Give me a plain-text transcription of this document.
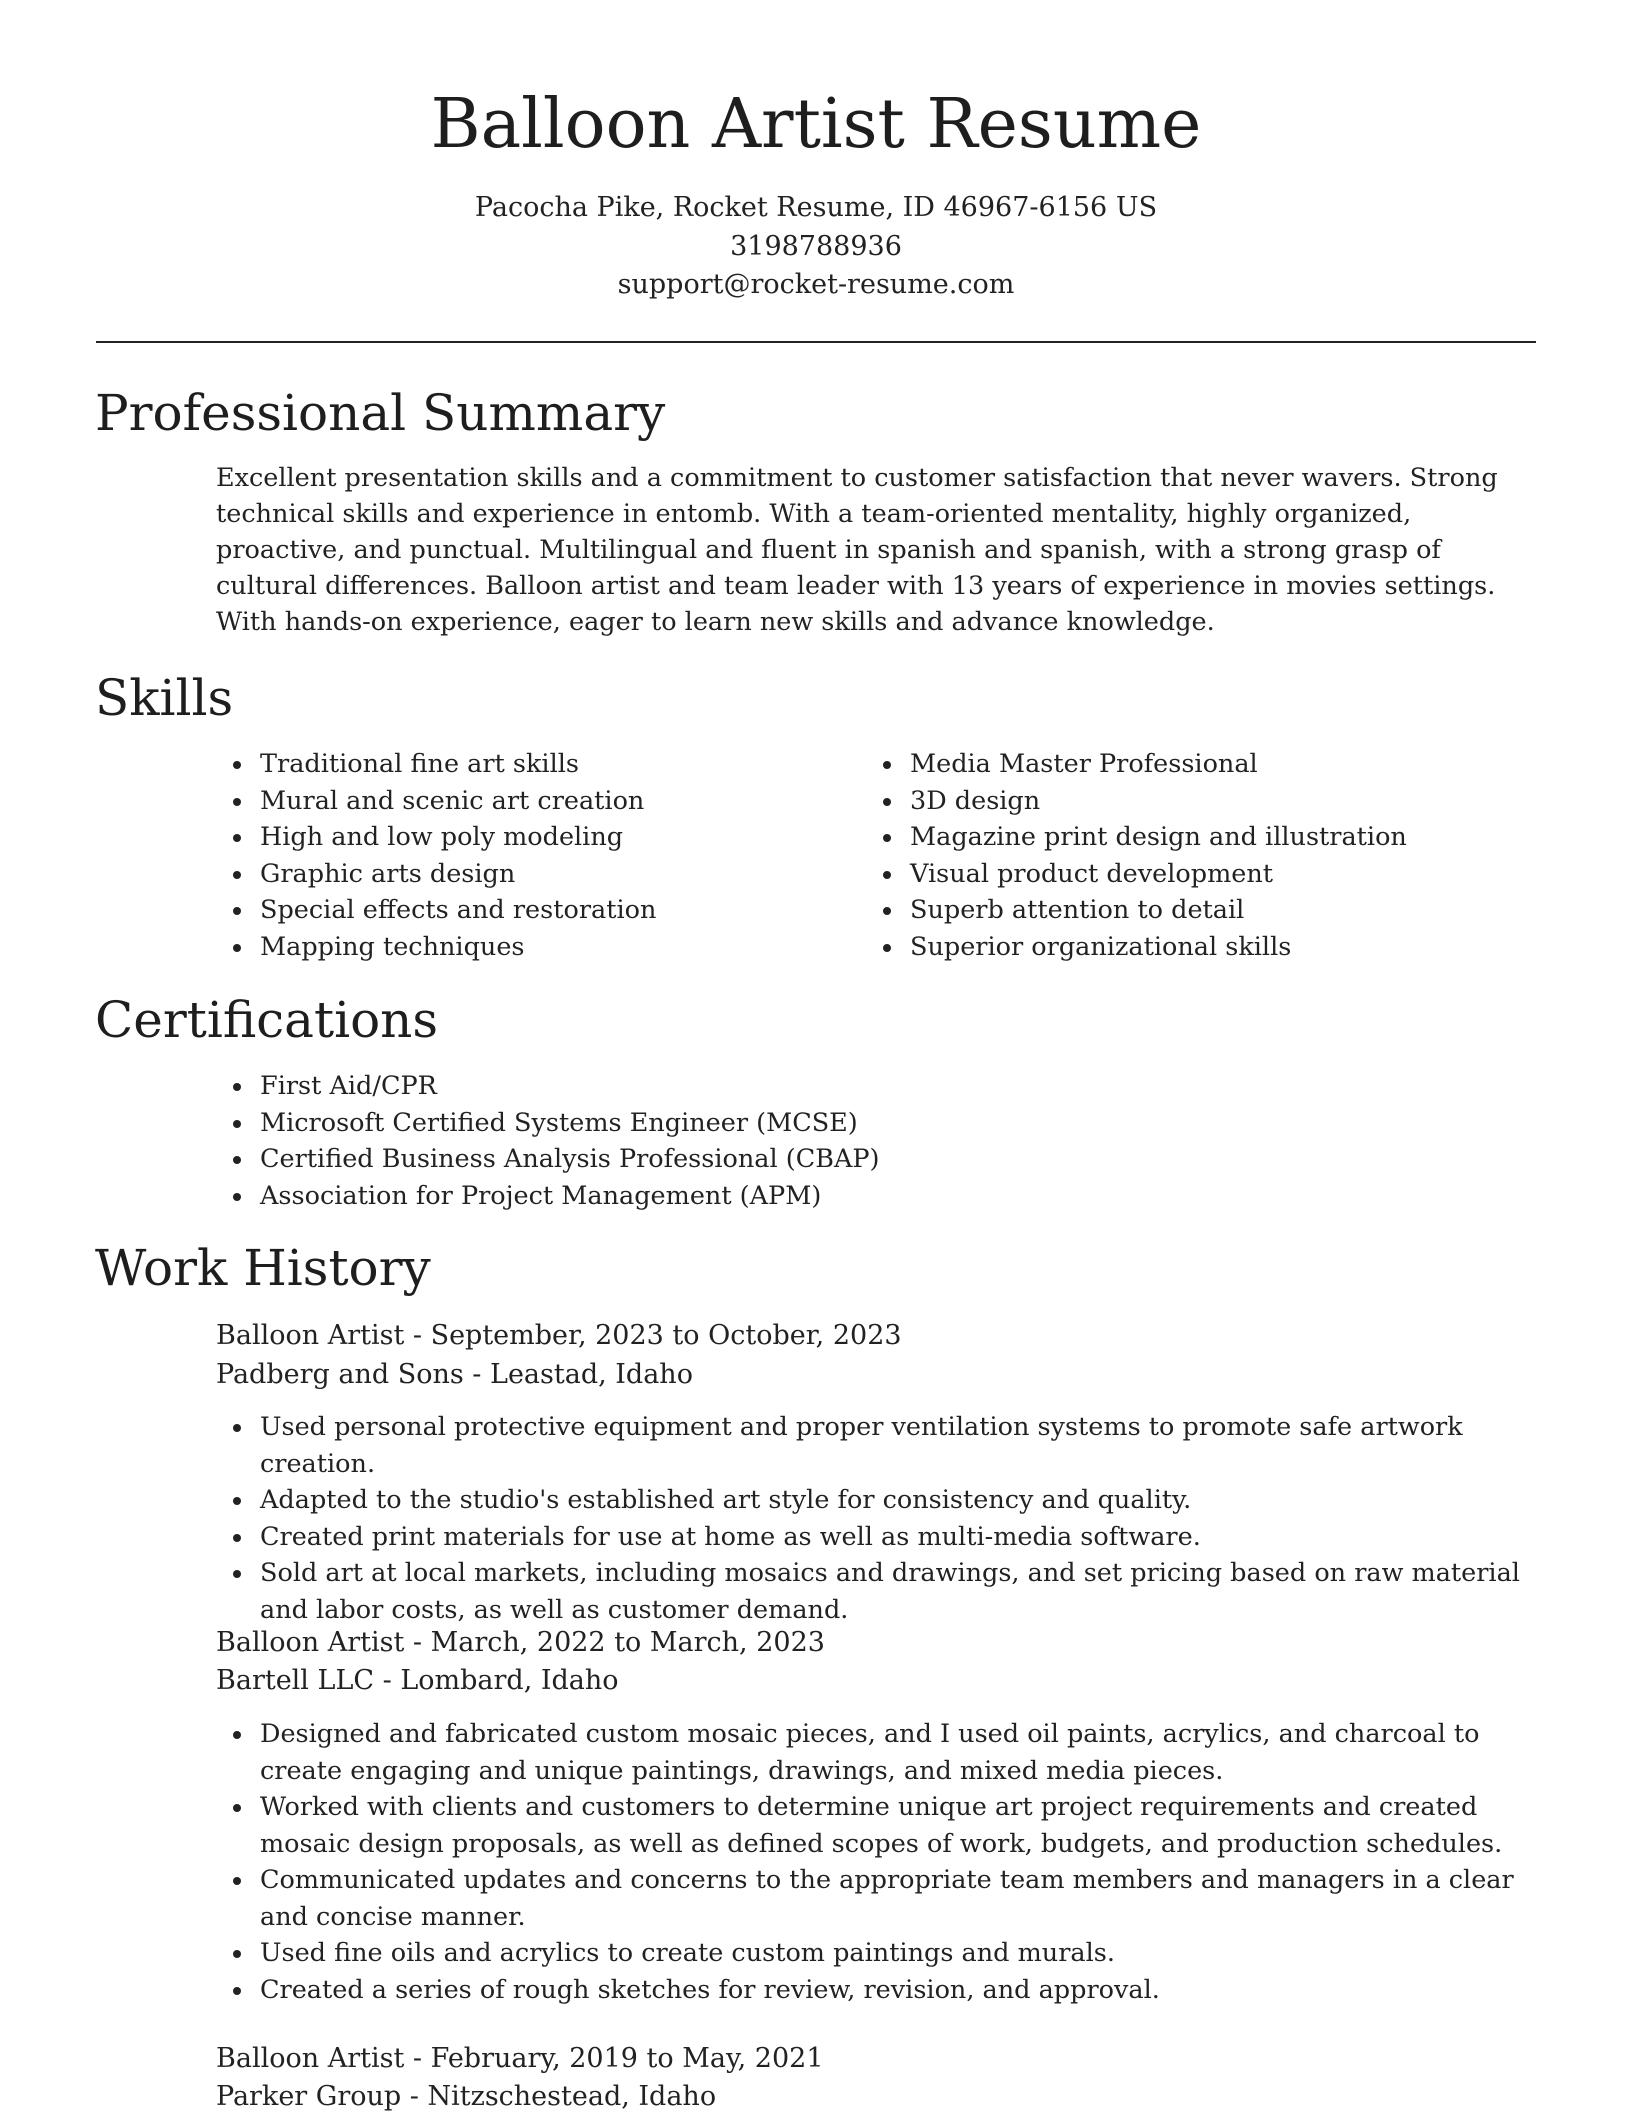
Balloon Artist Resume
Pacocha Pike, Rocket Resume, ID 46967-6156 US
3198788936
support@rocket-resume.com
Professional Summary
Excellent presentation skills and a commitment to customer satisfaction that never wavers. Strong technical skills and experience in entomb. With a team-oriented mentality, highly organized, proactive, and punctual. Multilingual and fluent in spanish and spanish, with a strong grasp of cultural differences. Balloon artist and team leader with 13 years of experience in movies settings. With hands-on experience, eager to learn new skills and advance knowledge.
Skills
Traditional fine art skills
Mural and scenic art creation
High and low poly modeling
Graphic arts design
Special effects and restoration
Mapping techniques
Media Master Professional
3D design
Magazine print design and illustration
Visual product development
Superb attention to detail
Superior organizational skills
Certifications
First Aid/CPR
Microsoft Certified Systems Engineer (MCSE)
Certified Business Analysis Professional (CBAP)
Association for Project Management (APM)
Work History
Balloon Artist - September, 2023 to October, 2023
Padberg and Sons - Leastad, Idaho
Used personal protective equipment and proper ventilation systems to promote safe artwork creation.
Adapted to the studio's established art style for consistency and quality.
Created print materials for use at home as well as multi-media software.
Sold art at local markets, including mosaics and drawings, and set pricing based on raw material and labor costs, as well as customer demand.
Balloon Artist - March, 2022 to March, 2023
Bartell LLC - Lombard, Idaho
Designed and fabricated custom mosaic pieces, and I used oil paints, acrylics, and charcoal to create engaging and unique paintings, drawings, and mixed media pieces.
Worked with clients and customers to determine unique art project requirements and created mosaic design proposals, as well as defined scopes of work, budgets, and production schedules.
Communicated updates and concerns to the appropriate team members and managers in a clear and concise manner.
Used fine oils and acrylics to create custom paintings and murals.
Created a series of rough sketches for review, revision, and approval.
Balloon Artist - February, 2019 to May, 2021
Parker Group - Nitzschestead, Idaho
